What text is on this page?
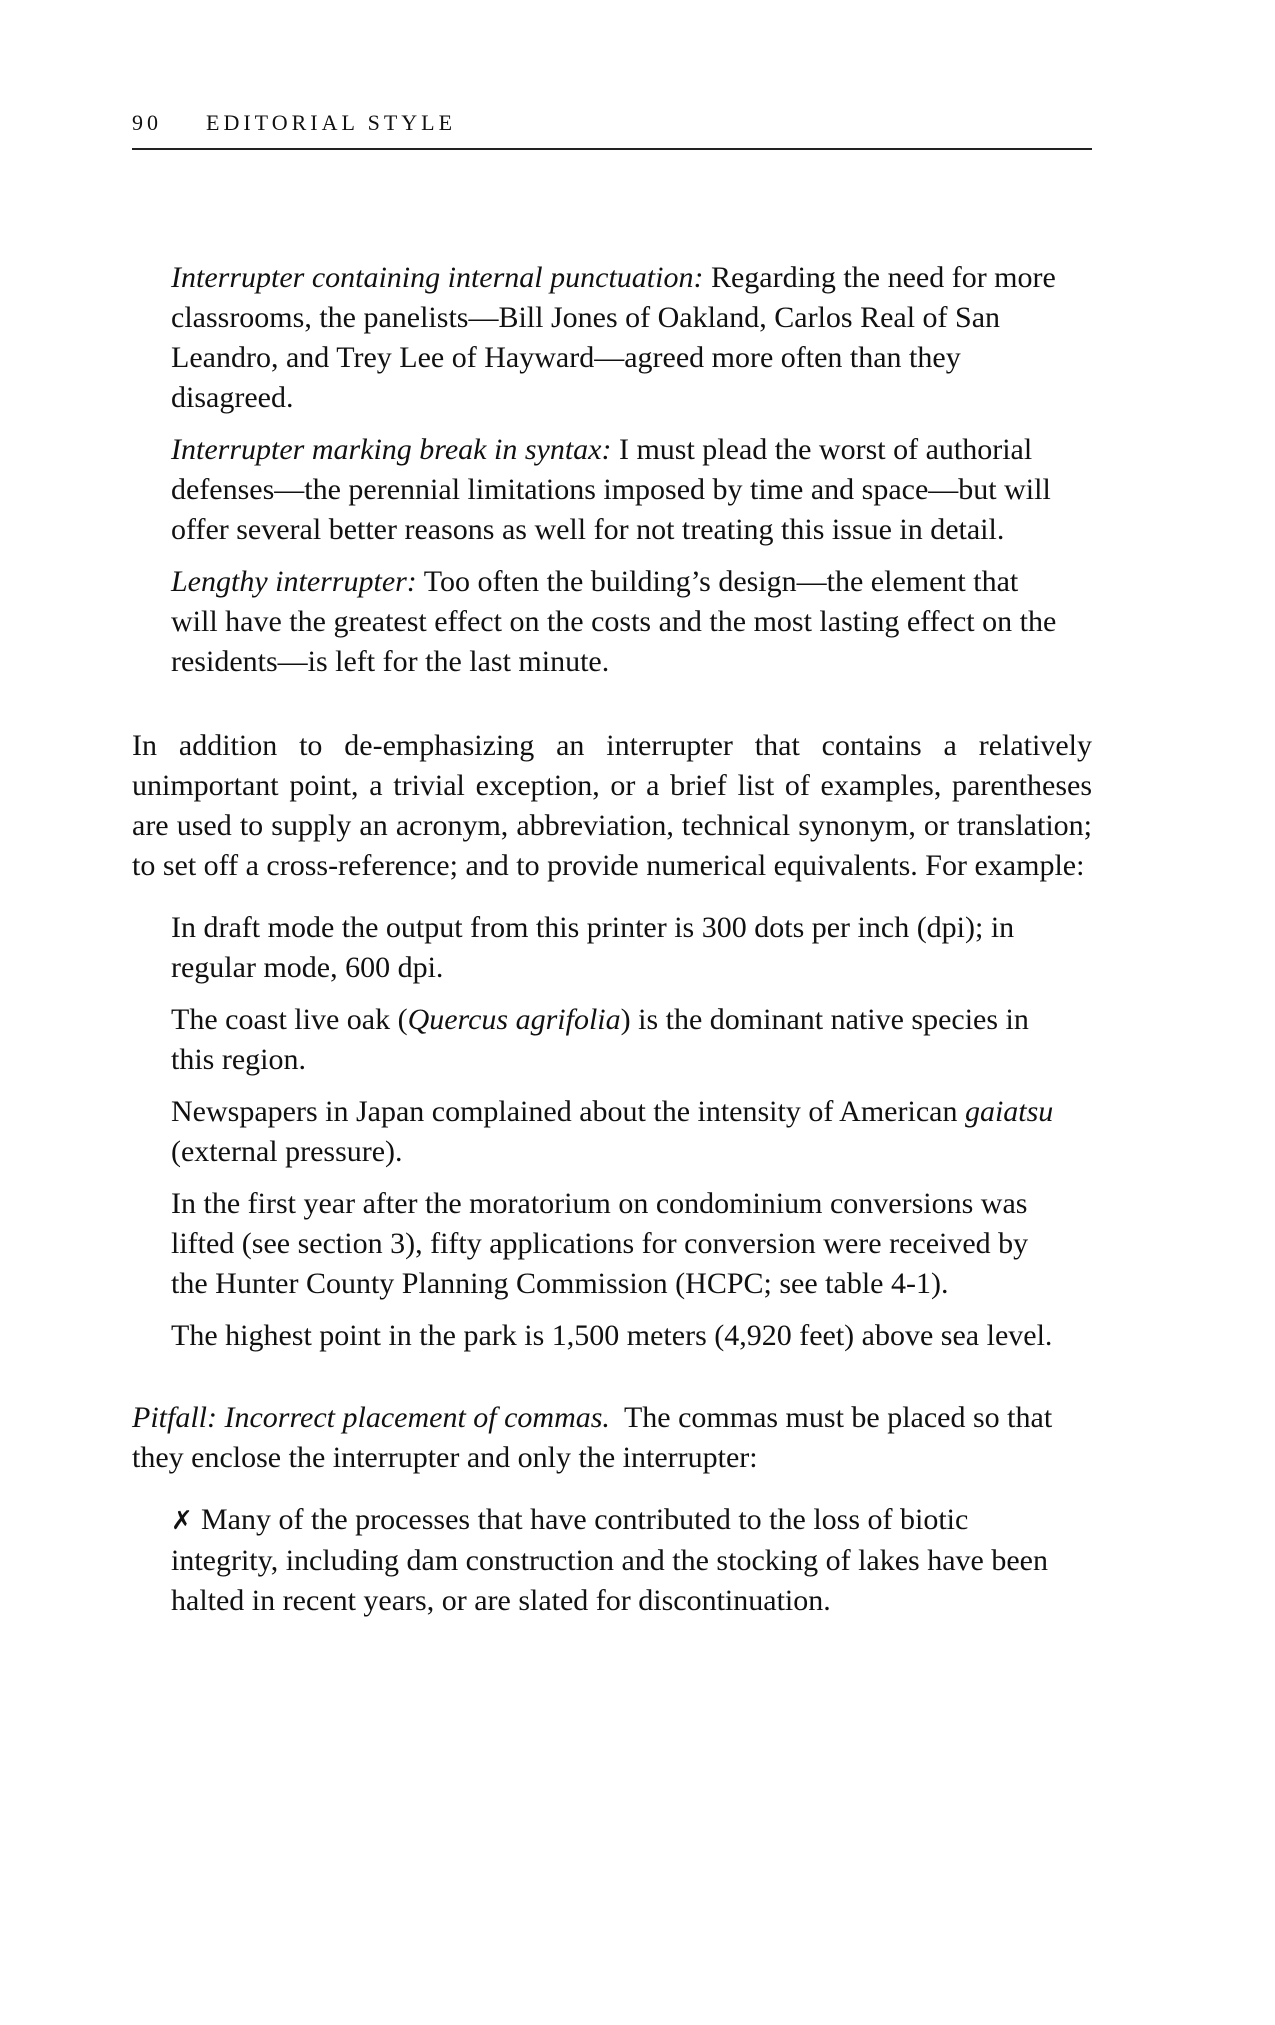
90 EDITORIAL STYLE

Interrupter containing internal punctuation: Regarding the need for more classrooms, the panelists—Bill Jones of Oakland, Carlos Real of San Leandro, and Trey Lee of Hayward—agreed more often than they disagreed.

Interrupter marking break in syntax: I must plead the worst of authorial defenses—the perennial limitations imposed by time and space—but will offer several better reasons as well for not treating this issue in detail.

Lengthy interrupter: Too often the building’s design—the element that will have the greatest effect on the costs and the most lasting effect on the residents—is left for the last minute.

In addition to de-emphasizing an interrupter that contains a relatively unimportant point, a trivial exception, or a brief list of examples, parentheses are used to supply an acronym, abbreviation, technical synonym, or translation; to set off a cross-reference; and to provide numerical equivalents. For example:

In draft mode the output from this printer is 300 dots per inch (dpi); in regular mode, 600 dpi.

The coast live oak (Quercus agrifolia) is the dominant native species in this region.

Newspapers in Japan complained about the intensity of American gaiatsu (external pressure).

In the first year after the moratorium on condominium conversions was lifted (see section 3), fifty applications for conversion were received by the Hunter County Planning Commission (HCPC; see table 4-1).

The highest point in the park is 1,500 meters (4,920 feet) above sea level.

Pitfall: Incorrect placement of commas. The commas must be placed so that they enclose the interrupter and only the interrupter:

✗ Many of the processes that have contributed to the loss of biotic integrity, including dam construction and the stocking of lakes have been halted in recent years, or are slated for discontinuation.
